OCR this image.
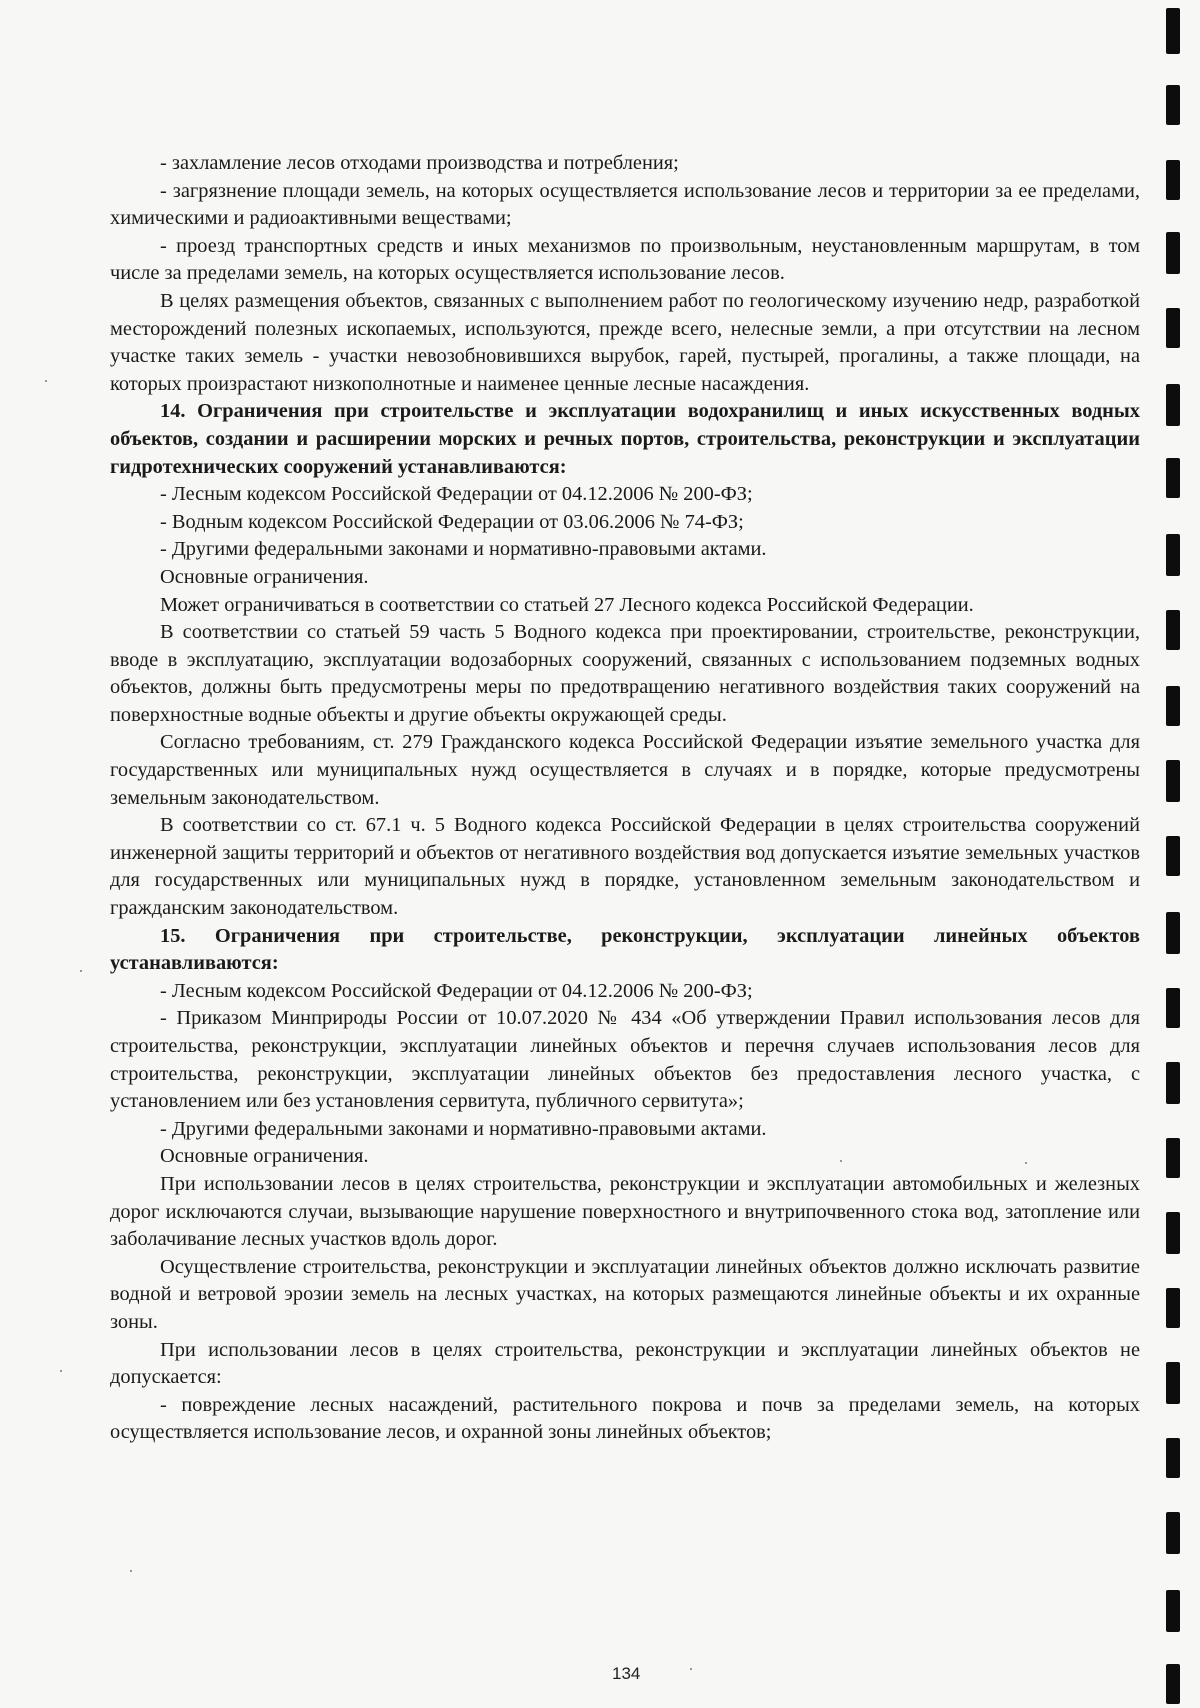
- захламление лесов отходами производства и потребления;

- загрязнение площади земель, на которых осуществляется использование лесов и территории за ее пределами, химическими и радиоактивными веществами;

- проезд транспортных средств и иных механизмов по произвольным, неустановленным маршрутам, в том числе за пределами земель, на которых осуществляется использование лесов.

В целях размещения объектов, связанных с выполнением работ по геологическому изучению недр, разработкой месторождений полезных ископаемых, используются, прежде всего, нелесные земли, а при отсутствии на лесном участке таких земель - участки невозобновившихся вырубок, гарей, пустырей, прогалины, а также площади, на которых произрастают низкополнотные и наименее ценные лесные насаждения.

14. Ограничения при строительстве и эксплуатации водохранилищ и иных искусственных водных объектов, создании и расширении морских и речных портов, строительства, реконструкции и эксплуатации гидротехнических сооружений устанавливаются:

- Лесным кодексом Российской Федерации от 04.12.2006 № 200-ФЗ;

- Водным кодексом Российской Федерации от 03.06.2006 № 74-ФЗ;

- Другими федеральными законами и нормативно-правовыми актами.

Основные ограничения.

Может ограничиваться в соответствии со статьей 27 Лесного кодекса Российской Федерации.

В соответствии со статьей 59 часть 5 Водного кодекса при проектировании, строительстве, реконструкции, вводе в эксплуатацию, эксплуатации водозаборных сооружений, связанных с использованием подземных водных объектов, должны быть предусмотрены меры по предотвращению негативного воздействия таких сооружений на поверхностные водные объекты и другие объекты окружающей среды.

Согласно требованиям, ст. 279 Гражданского кодекса Российской Федерации изъятие земельного участка для государственных или муниципальных нужд осуществляется в случаях и в порядке, которые предусмотрены земельным законодательством.

В соответствии со ст. 67.1 ч. 5 Водного кодекса Российской Федерации в целях строительства сооружений инженерной защиты территорий и объектов от негативного воздействия вод допускается изъятие земельных участков для государственных или муниципальных нужд в порядке, установленном земельным законодательством и гражданским законодательством.

15. Ограничения при строительстве, реконструкции, эксплуатации линейных объектов устанавливаются:

- Лесным кодексом Российской Федерации от 04.12.2006 № 200-ФЗ;

- Приказом Минприроды России от 10.07.2020 № 434 «Об утверждении Правил использования лесов для строительства, реконструкции, эксплуатации линейных объектов и перечня случаев использования лесов для строительства, реконструкции, эксплуатации линейных объектов без предоставления лесного участка, с установлением или без установления сервитута, публичного сервитута»;

- Другими федеральными законами и нормативно-правовыми актами.

Основные ограничения.

При использовании лесов в целях строительства, реконструкции и эксплуатации автомобильных и железных дорог исключаются случаи, вызывающие нарушение поверхностного и внутрипочвенного стока вод, затопление или заболачивание лесных участков вдоль дорог.

Осуществление строительства, реконструкции и эксплуатации линейных объектов должно исключать развитие водной и ветровой эрозии земель на лесных участках, на которых размещаются линейные объекты и их охранные зоны.

При использовании лесов в целях строительства, реконструкции и эксплуатации линейных объектов не допускается:

- повреждение лесных насаждений, растительного покрова и почв за пределами земель, на которых осуществляется использование лесов, и охранной зоны линейных объектов;

134
